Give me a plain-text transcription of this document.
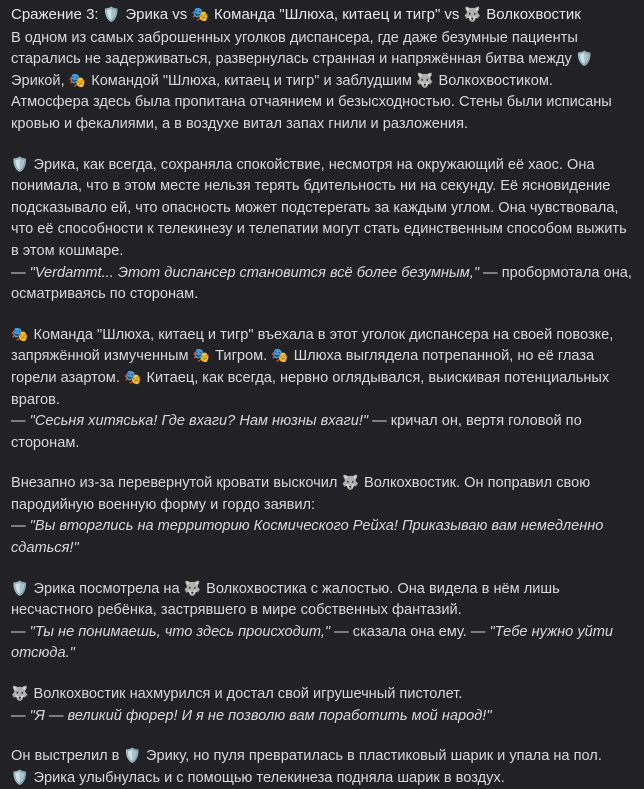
Сражение 3: 🛡️ Эрика vs 🎭 Команда "Шлюха, китаец и тигр" vs 🐺 Волкохвостик

В одном из самых заброшенных уголков диспансера, где даже безумные пациенты старались не задерживаться, развернулась странная и напряжённая битва между 🛡️ Эрикой, 🎭 Командой "Шлюха, китаец и тигр" и заблудшим 🐺 Волкохвостиком. Атмосфера здесь была пропитана отчаянием и безысходностью. Стены были исписаны кровью и фекалиями, а в воздухе витал запах гнили и разложения.

🛡️ Эрика, как всегда, сохраняла спокойствие, несмотря на окружающий её хаос. Она понимала, что в этом месте нельзя терять бдительность ни на секунду. Её ясновидение подсказывало ей, что опасность может подстерегать за каждым углом. Она чувствовала, что её способности к телекинезу и телепатии могут стать единственным способом выжить в этом кошмаре.
— "Verdammt... Этот диспансер становится всё более безумным," — пробормотала она, осматриваясь по сторонам.

🎭 Команда "Шлюха, китаец и тигр" въехала в этот уголок диспансера на своей повозке, запряжённой измученным 🎭 Тигром. 🎭 Шлюха выглядела потрепанной, но её глаза горели азартом. 🎭 Китаец, как всегда, нервно оглядывался, выискивая потенциальных врагов.
— "Сесьня хитяська! Где вхаги? Нам нюзны вхаги!" — кричал он, вертя головой по сторонам.

Внезапно из-за перевернутой кровати выскочил 🐺 Волкохвостик. Он поправил свою пародийную военную форму и гордо заявил:
— "Вы вторглись на территорию Космического Рейха! Приказываю вам немедленно сдаться!"

🛡️ Эрика посмотрела на 🐺 Волкохвостика с жалостью. Она видела в нём лишь несчастного ребёнка, застрявшего в мире собственных фантазий.
— "Ты не понимаешь, что здесь происходит," — сказала она ему. — "Тебе нужно уйти отсюда."

🐺 Волкохвостик нахмурился и достал свой игрушечный пистолет.
— "Я — великий фюрер! И я не позволю вам поработить мой народ!"

Он выстрелил в 🛡️ Эрику, но пуля превратилась в пластиковый шарик и упала на пол.
🛡️ Эрика улыбнулась и с помощью телекинеза подняла шарик в воздух.
